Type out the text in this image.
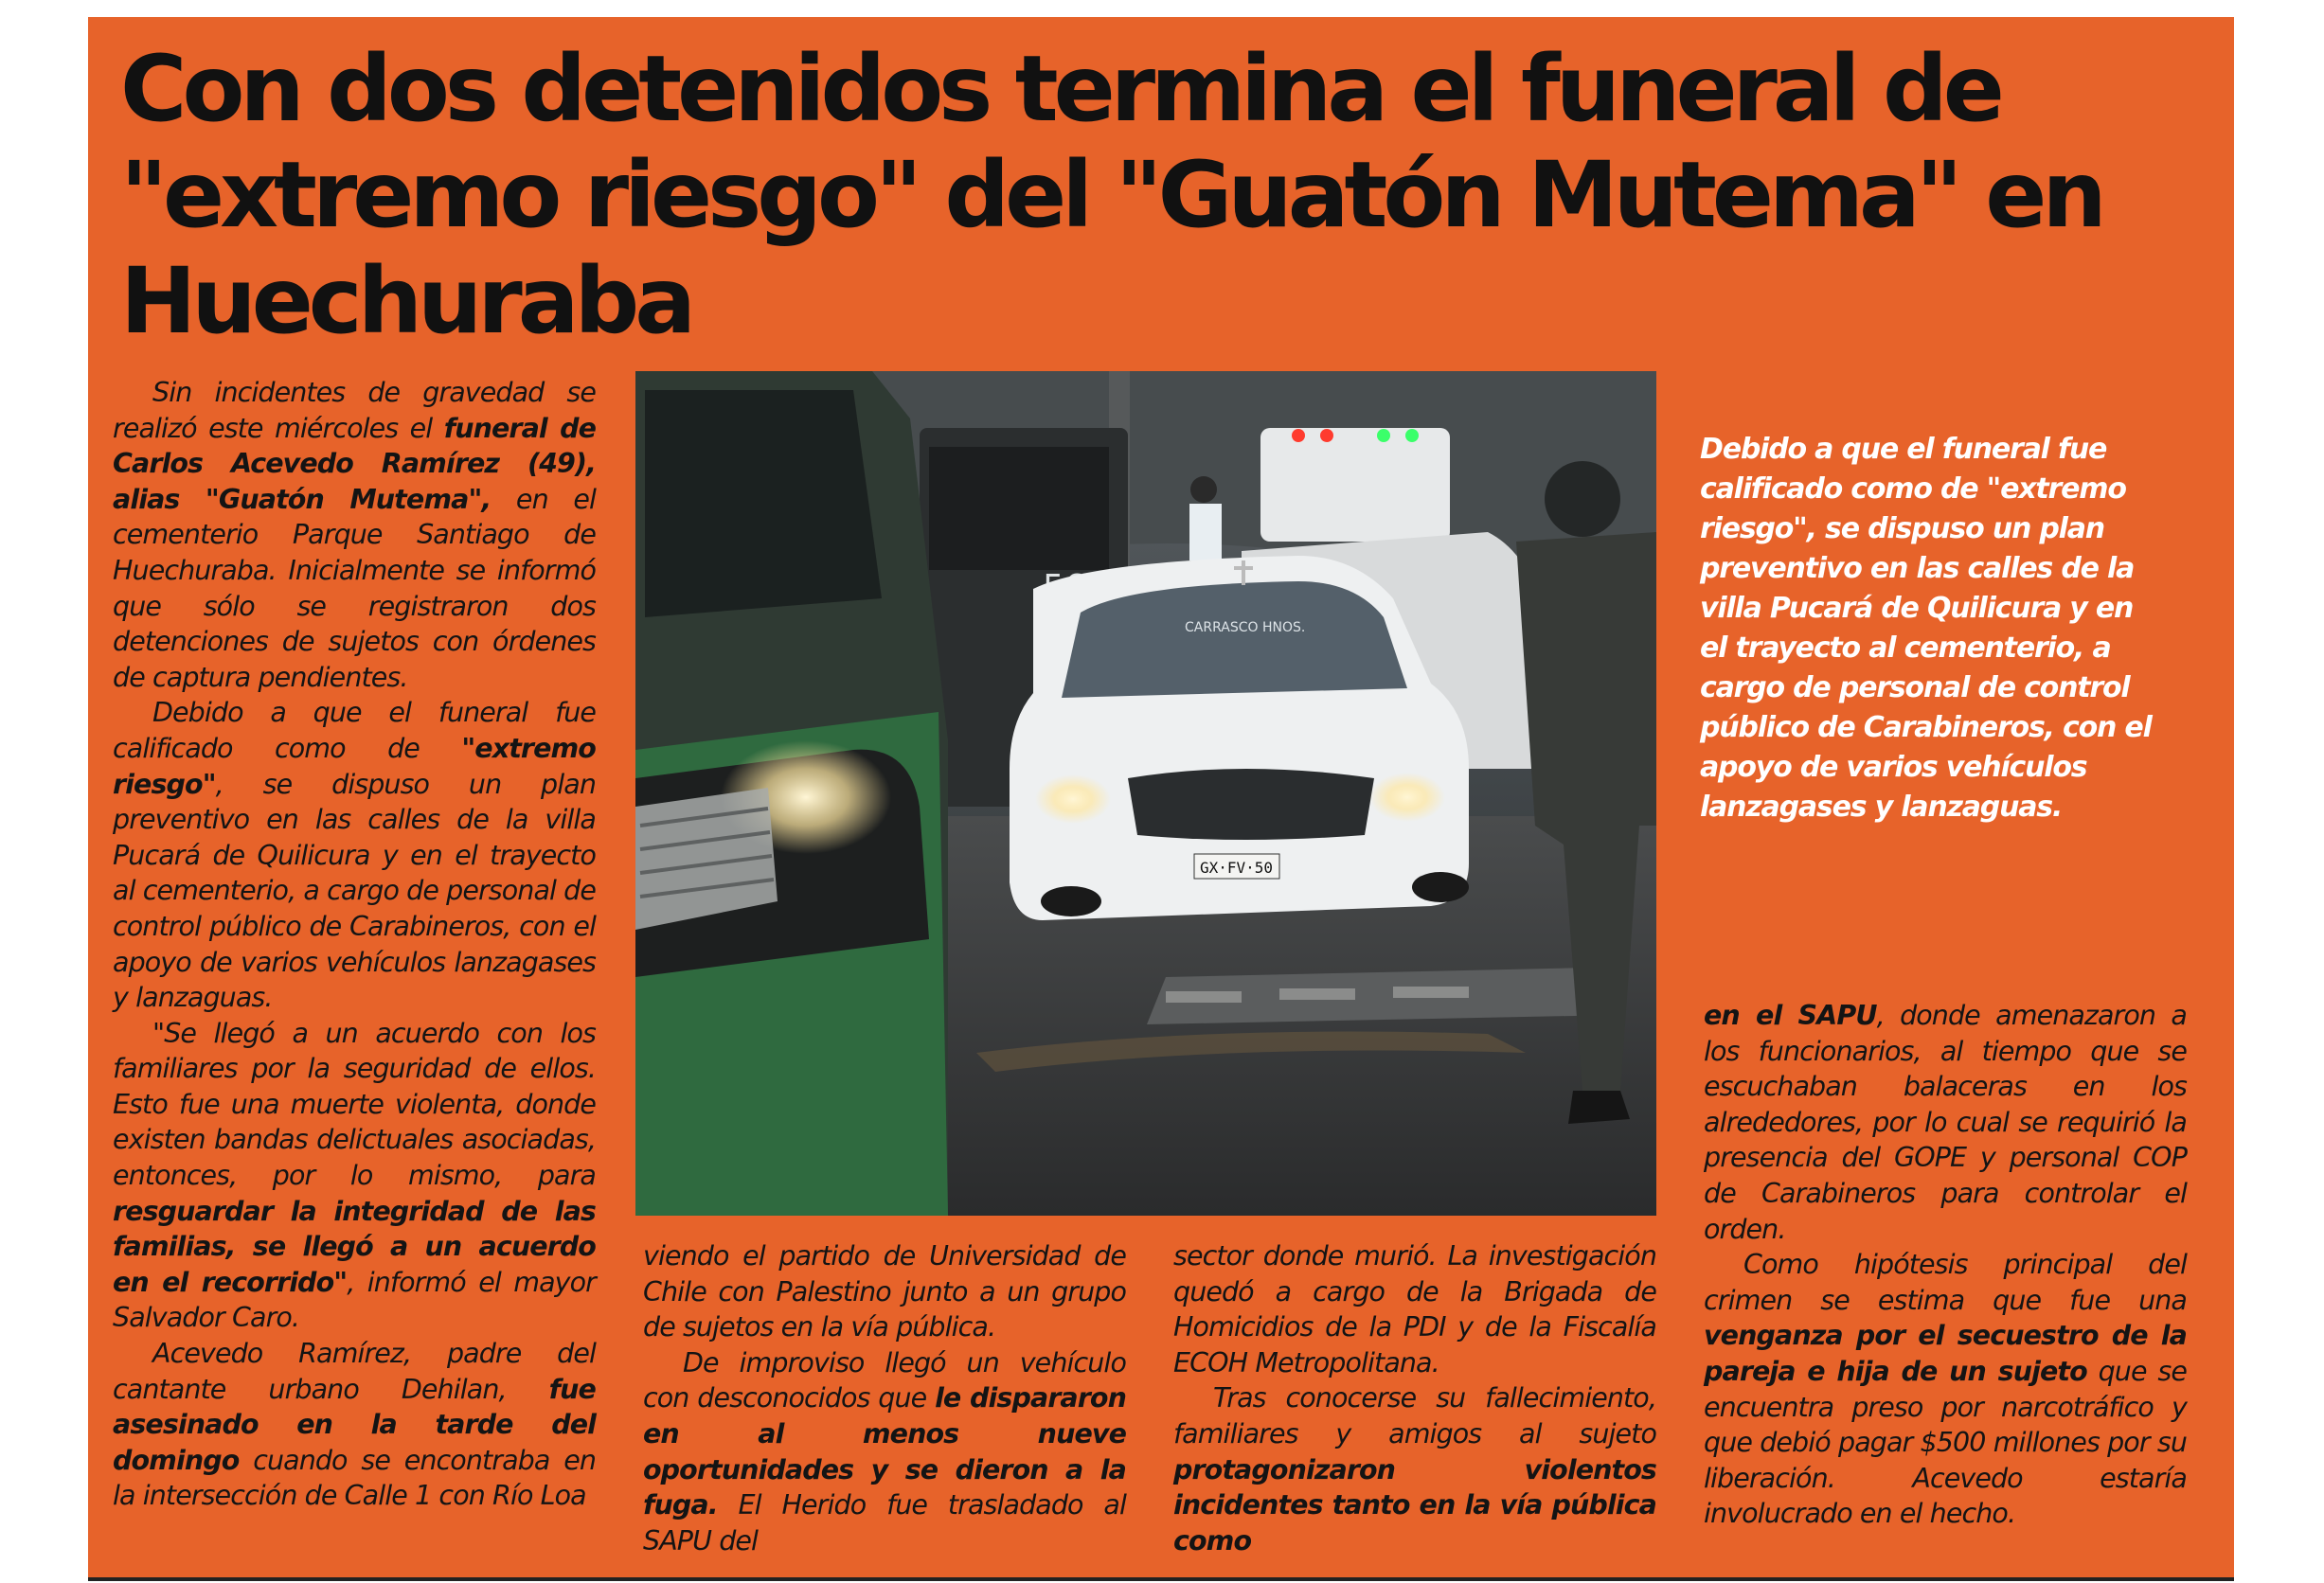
Con dos detenidos termina el funeral de "extremo riesgo" del "Guatón Mutema" en Huechuraba

Sin incidentes de gravedad se realizó este miércoles el funeral de Carlos Acevedo Ramírez (49), alias "Guatón Mutema", en el cementerio Parque Santiago de Huechuraba. Inicialmente se informó que sólo se registraron dos detenciones de sujetos con órdenes de captura pendientes.

Debido a que el funeral fue calificado como de "extremo riesgo", se dispuso un plan preventivo en las calles de la villa Pucará de Quilicura y en el trayecto al cementerio, a cargo de personal de control público de Carabineros, con el apoyo de varios vehículos lanzagases y lanzaguas.

"Se llegó a un acuerdo con los familiares por la seguridad de ellos. Esto fue una muerte violenta, donde existen bandas delictuales asociadas, entonces, por lo mismo, para resguardar la integridad de las familias, se llegó a un acuerdo en el recorrido", informó el mayor Salvador Caro.

Acevedo Ramírez, padre del cantante urbano Dehilan, fue asesinado en la tarde del domingo cuando se encontraba en la intersección de Calle 1 con Río Loa

CARRASCO HNOS.
GX·FV·50
Debido a que el funeral fue calificado como de "extremo riesgo", se dispuso un plan preventivo en las calles de la villa Pucará de Quilicura y en el trayecto al cementerio, a cargo de personal de control público de Carabineros, con el apoyo de varios vehículos lanzagases y lanzaguas.

viendo el partido de Universidad de Chile con Palestino junto a un grupo de sujetos en la vía pública.

De improviso llegó un vehículo con desconocidos que le dispararon en al menos nueve oportunidades y se dieron a la fuga. El Herido fue trasladado al SAPU del

sector donde murió. La investigación quedó a cargo de la Brigada de Homicidios de la PDI y de la Fiscalía ECOH Metropolitana.

Tras conocerse su fallecimiento, familiares y amigos al sujeto protagonizaron violentos incidentes tanto en la vía pública como

en el SAPU, donde amenazaron a los funcionarios, al tiempo que se escuchaban balaceras en los alrededores, por lo cual se requirió la presencia del GOPE y personal COP de Carabineros para controlar el orden.

Como hipótesis principal del crimen se estima que fue una venganza por el secuestro de la pareja e hija de un sujeto que se encuentra preso por narcotráfico y que debió pagar $500 millones por su liberación. Acevedo estaría involucrado en el hecho.
